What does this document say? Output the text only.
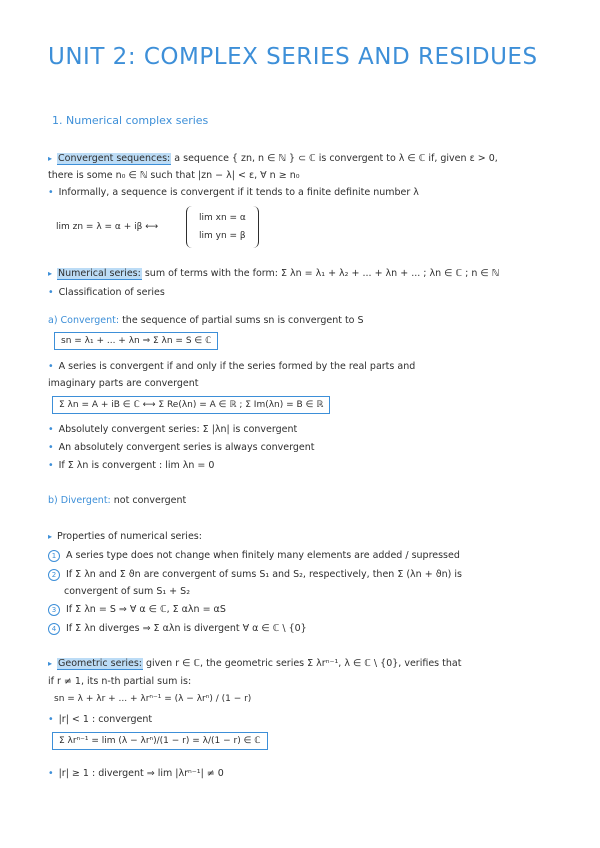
UNIT 2: COMPLEX SERIES AND RESIDUES
1. Numerical complex series
▸ Convergent sequences: a sequence { zn, n ∈ ℕ } ⊂ ℂ is convergent to λ ∈ ℂ if, given ε > 0,
there is some n₀ ∈ ℕ such that |zn − λ| < ε, ∀ n ≥ n₀
• Informally, a sequence is convergent if it tends to a finite definite number λ
lim zn = λ = α + iβ ⟷
lim xn = α
lim yn = β
▸ Numerical series: sum of terms with the form: Σ λn = λ₁ + λ₂ + ... + λn + ... ; λn ∈ ℂ ; n ∈ ℕ
• Classification of series
a) Convergent: the sequence of partial sums sn is convergent to S
sn = λ₁ + ... + λn ⇒ Σ λn = S ∈ ℂ
• A series is convergent if and only if the series formed by the real parts and
imaginary parts are convergent
Σ λn = A + iB ∈ ℂ ⟷ Σ Re(λn) = A ∈ ℝ ; Σ Im(λn) = B ∈ ℝ
• Absolutely convergent series: Σ |λn| is convergent
• An absolutely convergent series is always convergent
• If Σ λn is convergent : lim λn = 0
b) Divergent: not convergent
▸ Properties of numerical series:
1 A series type does not change when finitely many elements are added / supressed
2 If Σ λn and Σ ϑn are convergent of sums S₁ and S₂, respectively, then Σ (λn + ϑn) is
convergent of sum S₁ + S₂
3 If Σ λn = S ⇒ ∀ α ∈ ℂ, Σ αλn = αS
4 If Σ λn diverges ⇒ Σ αλn is divergent ∀ α ∈ ℂ \ {0}
▸ Geometric series: given r ∈ ℂ, the geometric series Σ λrⁿ⁻¹, λ ∈ ℂ \ {0}, verifies that
if r ≠ 1, its n-th partial sum is:
sn = λ + λr + ... + λrⁿ⁻¹ = (λ − λrⁿ) / (1 − r)
• |r| < 1 : convergent
Σ λrⁿ⁻¹ = lim (λ − λrⁿ)/(1 − r) = λ/(1 − r) ∈ ℂ
• |r| ≥ 1 : divergent ⇒ lim |λrⁿ⁻¹| ≠ 0
